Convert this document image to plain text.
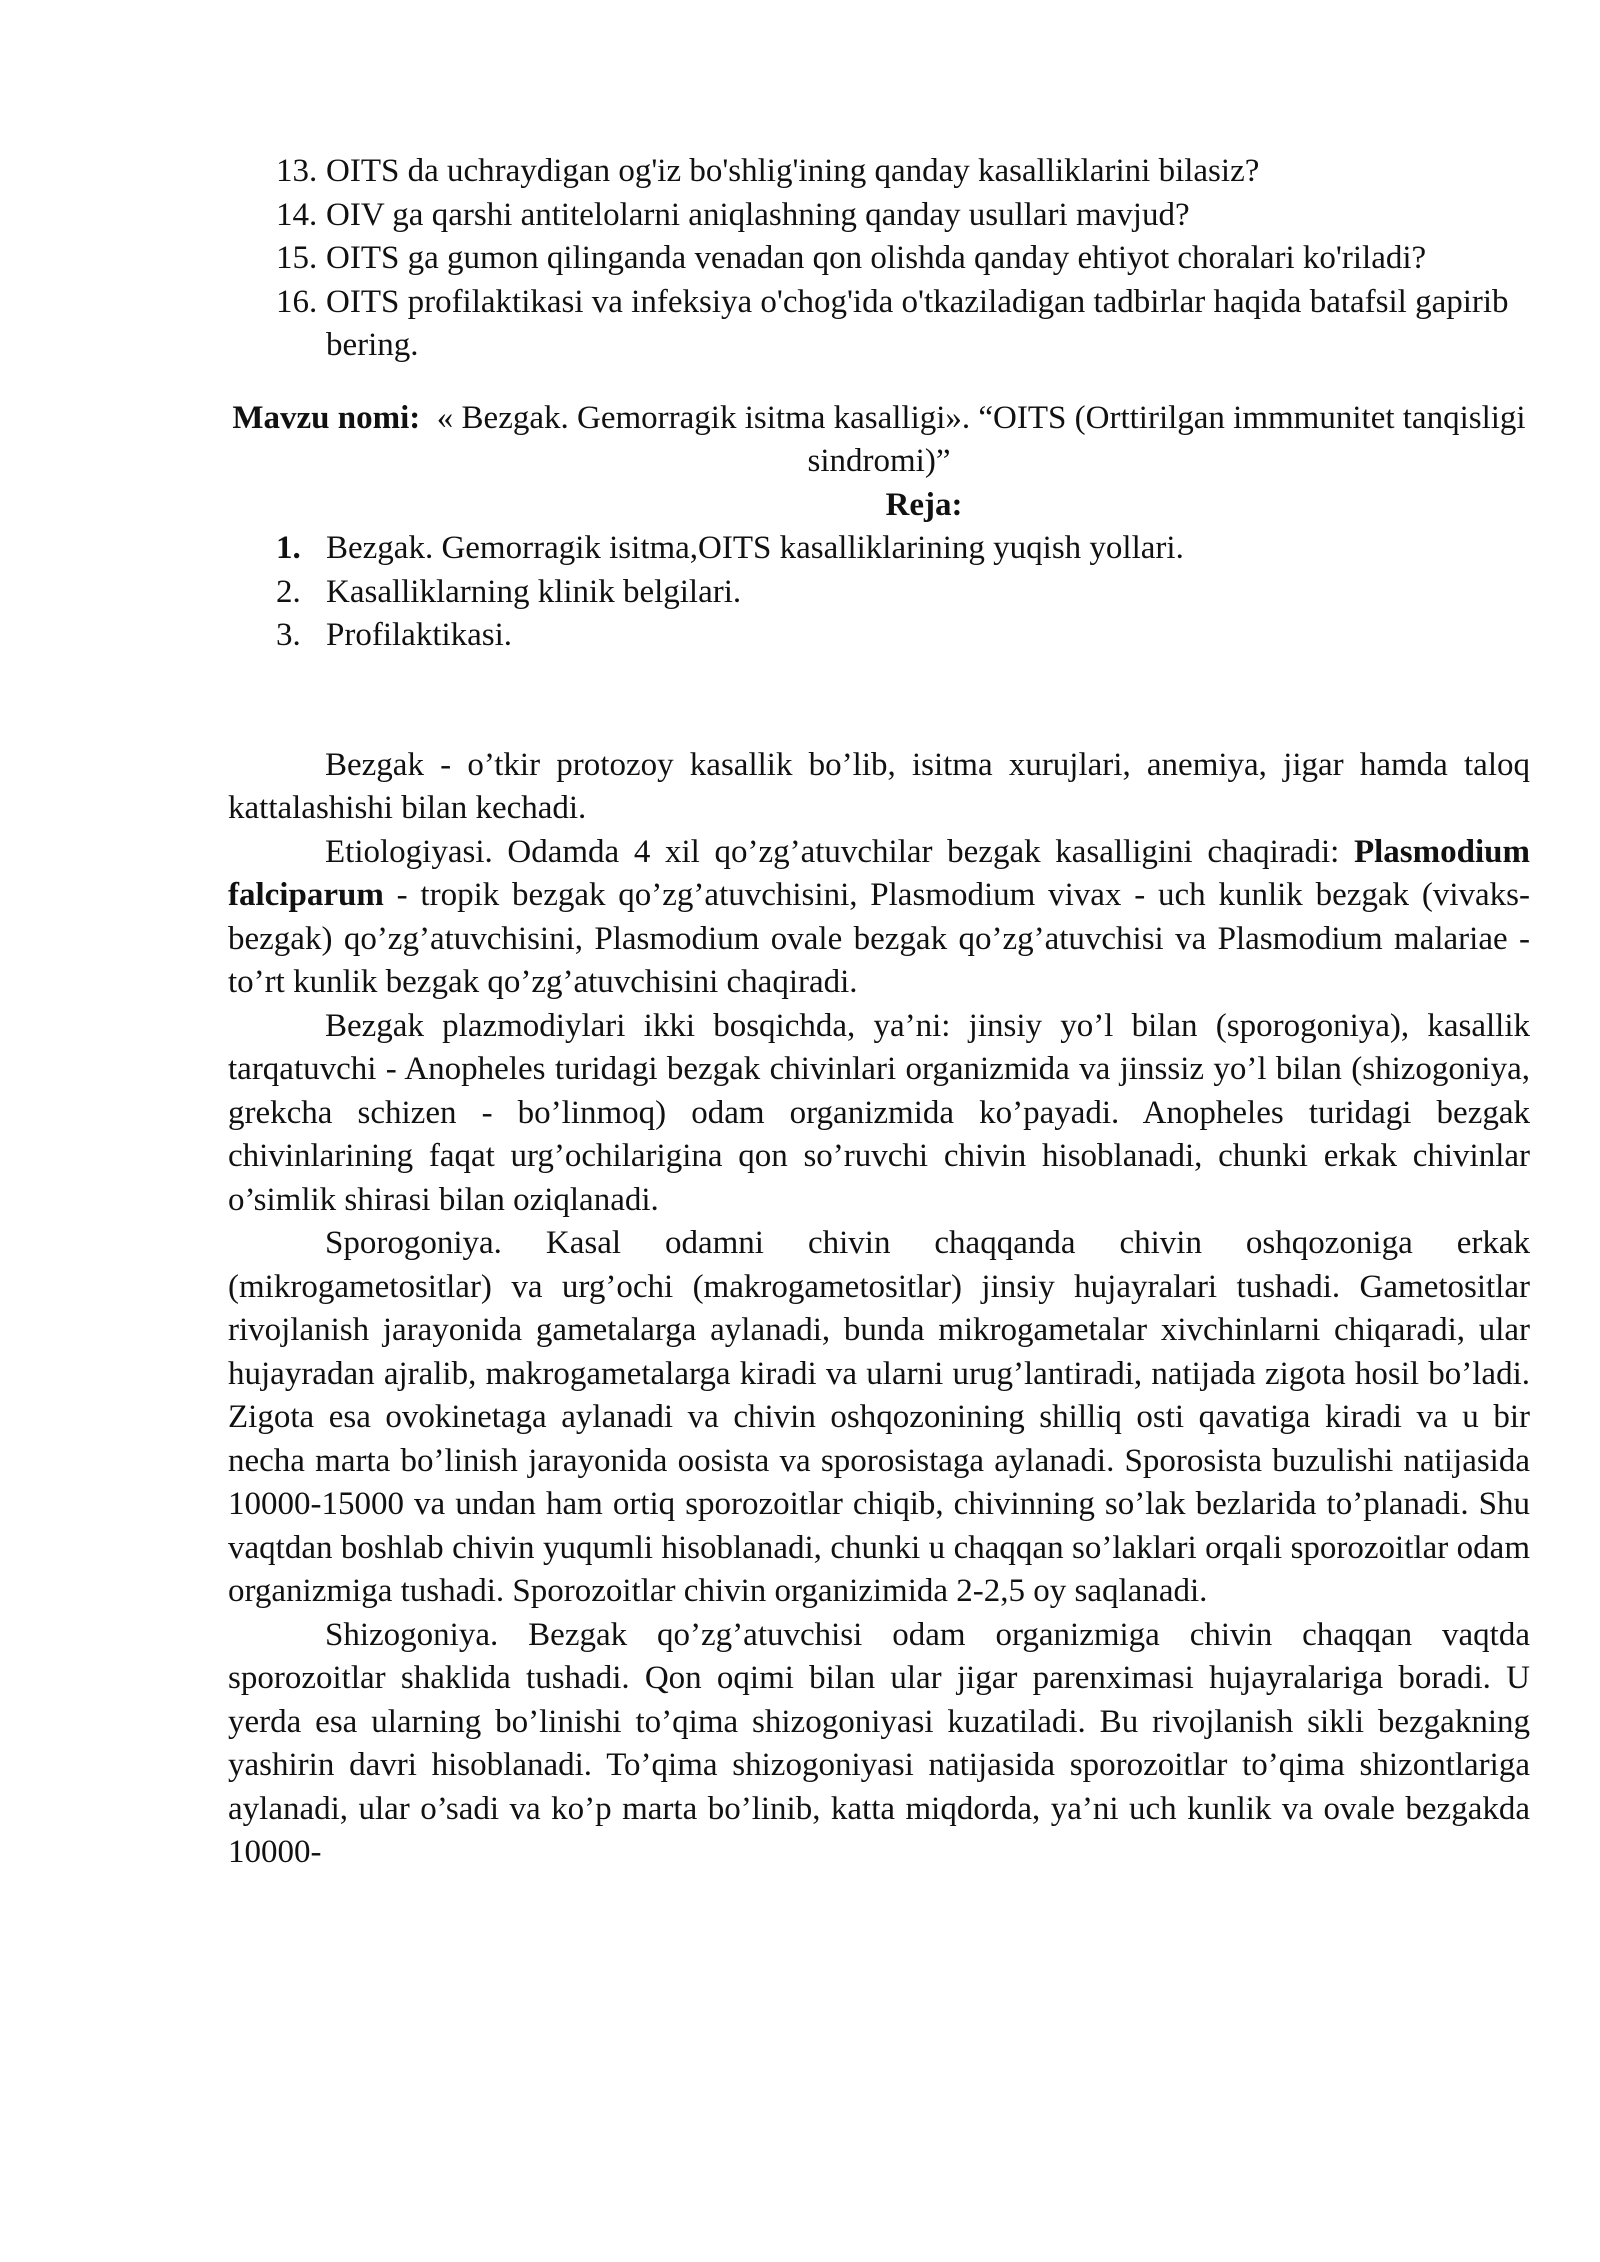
13. OITS da uchraydigan og'iz bo'shlig'ining qanday kasalliklarini bilasiz?
14. OIV ga qarshi antitelolarni aniqlashning qanday usullari mavjud?
15. OITS ga gumon qilinganda venadan qon olishda qanday ehtiyot choralari ko'riladi?
16. OITS profilaktikasi va infeksiya o'chog'ida o'tkaziladigan tadbirlar haqida batafsil gapirib bering.
Mavzu nomi: « Bezgak. Gemorragik isitma kasalligi». “OITS (Orttirilgan immmunitet tanqisligi sindromi)”
Reja:
1. Bezgak. Gemorragik isitma,OITS kasalliklarining yuqish yollari.
2. Kasalliklarning klinik belgilari.
3. Profilaktikasi.

Bezgak - o’tkir protozoy kasallik bo’lib, isitma xurujlari, anemiya, jigar hamda taloq kattalashishi bilan kechadi.

Etiologiyasi. Odamda 4 xil qo’zg’atuvchilar bezgak kasalligini chaqiradi: Plasmodium falciparum - tropik bezgak qo’zg’atuvchisini, Plasmodium vivax - uch kunlik bezgak (vivaks-bezgak) qo’zg’atuvchisini, Plasmodium ovale bezgak qo’zg’atuvchisi va Plasmodium malariae - to’rt kunlik bezgak qo’zg’atuvchisini chaqiradi.

Bezgak plazmodiylari ikki bosqichda, ya’ni: jinsiy yo’l bilan (sporogoniya), kasallik tarqatuvchi - Anopheles turidagi bezgak chivinlari organizmida va jinssiz yo’l bilan (shizogoniya, grekcha schizen - bo’linmoq) odam organizmida ko’payadi. Anopheles turidagi bezgak chivinlarining faqat urg’ochilarigina qon so’ruvchi chivin hisoblanadi, chunki erkak chivinlar o’simlik shirasi bilan oziqlanadi.

Sporogoniya. Kasal odamni chivin chaqqanda chivin oshqozoniga erkak (mikrogametositlar) va urg’ochi (makrogametositlar) jinsiy hujayralari tushadi. Gametositlar rivojlanish jarayonida gametalarga aylanadi, bunda mikrogametalar xivchinlarni chiqaradi, ular hujayradan ajralib, makrogametalarga kiradi va ularni urug’lantiradi, natijada zigota hosil bo’ladi. Zigota esa ovokinetaga aylanadi va chivin oshqozonining shilliq osti qavatiga kiradi va u bir necha marta bo’linish jarayonida oosista va sporosistaga aylanadi. Sporosista buzulishi natijasida 10000-15000 va undan ham ortiq sporozoitlar chiqib, chivinning so’lak bezlarida to’planadi. Shu vaqtdan boshlab chivin yuqumli hisoblanadi, chunki u chaqqan so’laklari orqali sporozoitlar odam organizmiga tushadi. Sporozoitlar chivin organizimida 2-2,5 oy saqlanadi.

Shizogoniya. Bezgak qo’zg’atuvchisi odam organizmiga chivin chaqqan vaqtda sporozoitlar shaklida tushadi. Qon oqimi bilan ular jigar parenximasi hujayralariga boradi. U yerda esa ularning bo’linishi to’qima shizogoniyasi kuzatiladi. Bu rivojlanish sikli bezgakning yashirin davri hisoblanadi. To’qima shizogoniyasi natijasida sporozoitlar to’qima shizontlariga aylanadi, ular o’sadi va ko’p marta bo’linib, katta miqdorda, ya’ni uch kunlik va ovale bezgakda 10000-
